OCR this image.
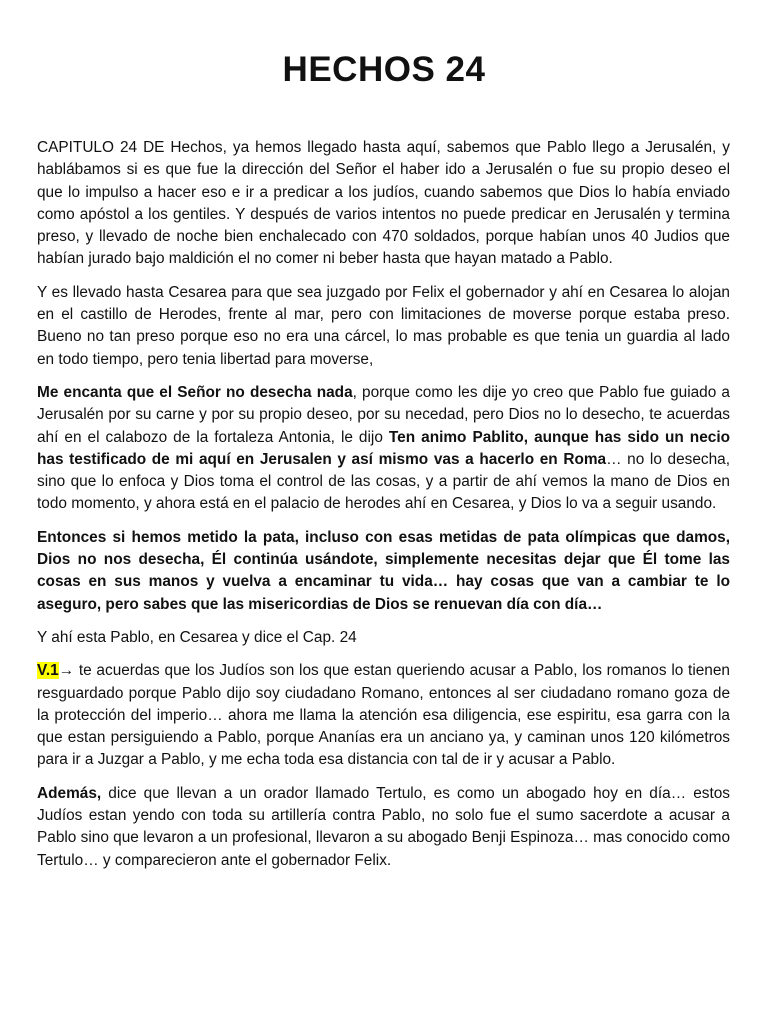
HECHOS 24

CAPITULO 24 DE Hechos, ya hemos llegado hasta aquí, sabemos que Pablo llego a Jerusalén, y hablábamos si es que fue la dirección del Señor el haber ido a Jerusalén o fue su propio deseo el que lo impulso a hacer eso e ir a predicar a los judíos, cuando sabemos que Dios lo había enviado como apóstol a los gentiles. Y después de varios intentos no puede predicar en Jerusalén y termina preso, y llevado de noche bien enchalecado con 470 soldados, porque habían unos 40 Judios que habían jurado bajo maldición el no comer ni beber hasta que hayan matado a Pablo.

Y es llevado hasta Cesarea para que sea juzgado por Felix el gobernador y ahí en Cesarea lo alojan en el castillo de Herodes, frente al mar, pero con limitaciones de moverse porque estaba preso. Bueno no tan preso porque eso no era una cárcel, lo mas probable es que tenia un guardia al lado en todo tiempo, pero tenia libertad para moverse,

Me encanta que el Señor no desecha nada, porque como les dije yo creo que Pablo fue guiado a Jerusalén por su carne y por su propio deseo, por su necedad, pero Dios no lo desecho, te acuerdas ahí en el calabozo de la fortaleza Antonia, le dijo Ten animo Pablito, aunque has sido un necio has testificado de mi aquí en Jerusalen y así mismo vas a hacerlo en Roma… no lo desecha, sino que lo enfoca y Dios toma el control de las cosas, y a partir de ahí vemos la mano de Dios en todo momento, y ahora está en el palacio de herodes ahí en Cesarea, y Dios lo va a seguir usando.

Entonces si hemos metido la pata, incluso con esas metidas de pata olímpicas que damos, Dios no nos desecha, Él continúa usándote, simplemente necesitas dejar que Él tome las cosas en sus manos y vuelva a encaminar tu vida… hay cosas que van a cambiar te lo aseguro, pero sabes que las misericordias de Dios se renuevan día con día…

Y ahí esta Pablo, en Cesarea y dice el Cap. 24

V.1→ te acuerdas que los Judíos son los que estan queriendo acusar a Pablo, los romanos lo tienen resguardado porque Pablo dijo soy ciudadano Romano, entonces al ser ciudadano romano goza de la protección del imperio… ahora me llama la atención esa diligencia, ese espiritu, esa garra con la que estan persiguiendo a Pablo, porque Ananías era un anciano ya, y caminan unos 120 kilómetros para ir a Juzgar a Pablo, y me echa toda esa distancia con tal de ir y acusar a Pablo.

Además, dice que llevan a un orador llamado Tertulo, es como un abogado hoy en día… estos Judíos estan yendo con toda su artillería contra Pablo, no solo fue el sumo sacerdote a acusar a Pablo sino que levaron a un profesional, llevaron a su abogado Benji Espinoza… mas conocido como Tertulo… y comparecieron ante el gobernador Felix.
